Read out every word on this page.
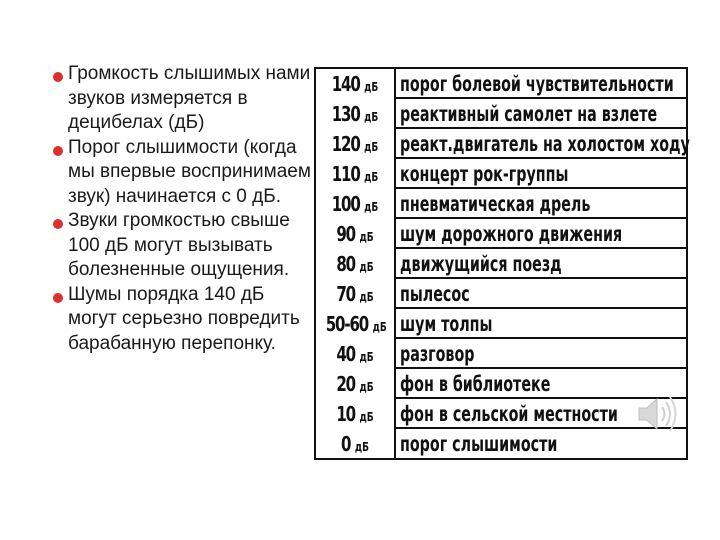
Громкость слышимых нами звуков измеряется в децибелах (дБ)
Порог слышимости (когда мы впервые воспринимаем звук) начинается с 0 дБ.
Звуки громкостью свыше 100 дБ могут вызывать болезненные ощущения.
Шумы порядка 140 дБ могут серьезно повредить барабанную перепонку.
140 дБ порог болевой чувствительности
130 дБ реактивный самолет на взлете
120 дБ реакт.двигатель на холостом ходу
110 дБ концерт рок-группы
100 дБ пневматическая дрель
90 дБ	шум дорожного движения
80 дБ	движущийся поезд
70 дБ	пылесос
50-60 дБ шум толпы
40 дБ	разговор
20 дБ	фон в библиотеке
10 дБ	фон в сельской местности
0 дБ	порог слышимости
